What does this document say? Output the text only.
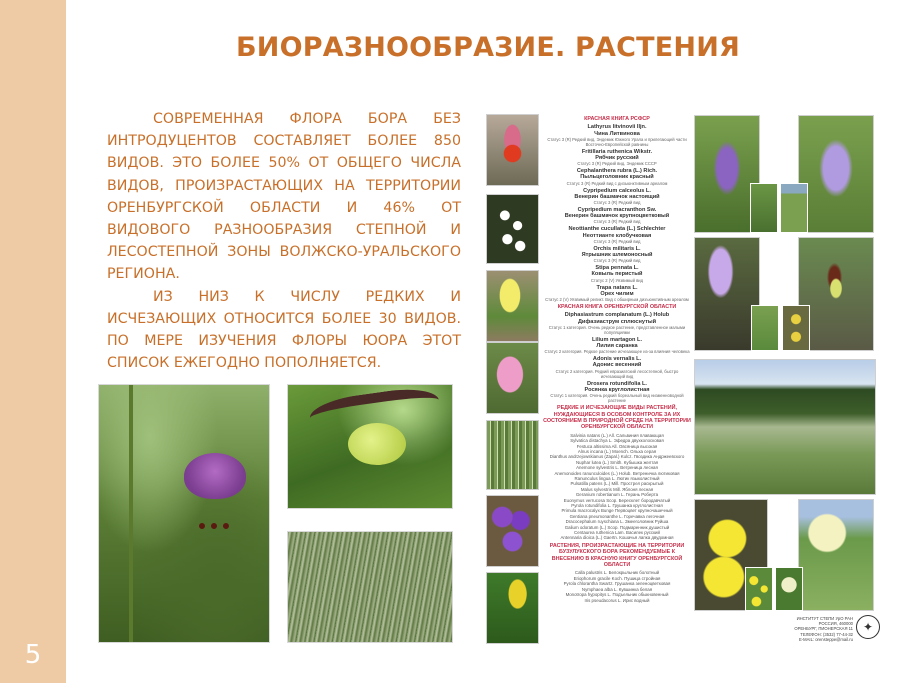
5
БИОРАЗНООБРАЗИЕ. РАСТЕНИЯ

СОВРЕМЕННАЯ ФЛОРА БОРА БЕЗ ИНТРОДУЦЕНТОВ СОСТАВЛЯЕТ БОЛЕЕ 850 ВИДОВ. ЭТО БОЛЕЕ 50% ОТ ОБЩЕГО ЧИСЛА ВИДОВ, ПРОИЗРАСТАЮЩИХ НА ТЕРРИТОРИИ ОРЕНБУРГСКОЙ ОБЛАСТИ И 46% ОТ ВИДОВОГО РАЗНООБРАЗИЯ СТЕПНОЙ И ЛЕСОСТЕПНОЙ ЗОНЫ ВОЛЖСКО-УРАЛЬСКОГО РЕГИОНА.

ИЗ НИЗ К ЧИСЛУ РЕДКИХ И ИСЧЕЗАЮЩИХ ОТНОСИТСЯ БОЛЕЕ 30 ВИДОВ. ПО МЕРЕ ИЗУЧЕНИЯ ФЛОРЫ ЮОРА ЭТОТ СПИСОК ЕЖЕГОДНО ПОПОЛНЯЕТСЯ.

КРАСНАЯ КНИГА РСФСР
Lathyrus litvinovii Iljn.
Чина Литвинова
Статус 3 (R) Редкий вид. Эндемик Южного Урала и прилегающей части Восточно-Европейской равнины
Fritillaria ruthenica Wikstr.
Рябчик русский
Статус 3 (R) Редкий вид. Эндемик СССР
Cephalanthera rubra (L.) Rich.
Пыльцеголовник красный
Статус 3 (R) Редкий вид с дизъюнктивным ареалом
Cypripedium calceolus L.
Венерин башмачок настоящий
Статус 3 (R) Редкий вид
Cypripedium macranthon Sw.
Венерин башмачок крупноцветковый
Статус 3 (R) Редкий вид
Neottianthe cucullata (L.) Schlechter
Неоттианте клобучковая
Статус 3 (R) Редкий вид
Orchis militaris L.
Ятрышник шлемоносный
Статус 3 (R) Редкий вид
Stipa pennata L.
Ковыль перистый
Статус 2 (V) Уязвимый вид
Trapa natans L.
Орех чилим
Статус 2 (V) Уязвимый реликт. Вид с обширным дизъюнктивным ареалом
КРАСНАЯ КНИГА ОРЕНБУРГСКОЙ ОБЛАСТИ
Diphasiastrum complanatum (L.) Holub
Дифазиаструм сплюснутый
Статус 1 категория. Очень редкое растение, представленное малыми популяциями
Lilium martagon L.
Лилия саранка
Статус 2 категория. Редкое растение исчезающее из-за влияния человека
Adonis vernalis L.
Адонис весенний
Статус 2 категория. Редкий евразиатский лесостепной, быстро исчезающий вид
Drosera rotundifolia L.
Росянка круглолистная
Статус 1 категория. Очень редкий бореальный вид низменноводной растение
РЕДКИЕ И ИСЧЕЗАЮЩИЕ ВИДЫ РАСТЕНИЙ, НУЖДАЮЩИЕСЯ В ОСОБОМ КОНТРОЛЕ ЗА ИХ СОСТОЯНИЕМ В ПРИРОДНОЙ СРЕДЕ НА ТЕРРИТОРИИ ОРЕНБУРГСКОЙ ОБЛАСТИ
Salvinia natans (L.) All. Сальвиния плавающая
Sylvatica distachya L. Эфедра двухколосковая
Festuca altissima All. Овсяница высокая
Alnus incana (L.) Moench. Ольха серая
Dianthus andrzejowskianus (Zapal.) Kulcz. Гвоздика Андржеевского
Nuphar lutea (L.) Smith. Кубышка желтая
Anemone sylvestris L. Ветреница лесная
Anemonoides ranunculoides (L.) Holub. Ветреничка лютиковая
Ranunculus lingua L. Лютик языколистный
Pulsatilla patens (L.) Mill. Прострел раскрытый
Malus sylvestris Mill. Яблоня лесная
Geranium robertianum L. Герань Роберта
Euonymus verrucosa Scop. Бересклет бородавчатый
Pyrola rotundifolia L. Грушанка круглолистная
Primula macrocalyx Bunge Первоцвет крупночашечный
Gentiana pneumonanthe L. Горечавка легочная
Dracocephalum ruyschiana L. Змееголовник Руйша
Galium odoratum (L.) Scop. Подмаренник душистый
Centaurea ruthenica Lam. Василек русский
Antennaria dioica (L.) Gaertn. Кошачья лапка двудомная
РАСТЕНИЯ, ПРОИЗРАСТАЮЩИЕ НА ТЕРРИТОРИИ БУЗУЛУКСКОГО БОРА РЕКОМЕНДУЕМЫЕ К ВНЕСЕНИЮ В КРАСНУЮ КНИГУ ОРЕНБУРГСКОЙ ОБЛАСТИ
Calla palustris L. Белокрыльник болотный
Eriophorum gracile Koch. Пушица стройная
Pyrola chlorantha Swartz. Грушанка зеленоцветковая
Nymphaea alba L. Кувшинка белая
Monotropa hypopitys L. Подъельник обыкновенный
Iris pseudacorus L. Ирис водный
ИНСТИТУТ СТЕПИ УрО РАН
РОССИЯ, 460000
ОРЕНБУРГ, ПИОНЕРСКАЯ 11
ТЕЛЕФОН: (3532) 77-44-32
E-MAIL: orensteppe@mail.ru
✦
